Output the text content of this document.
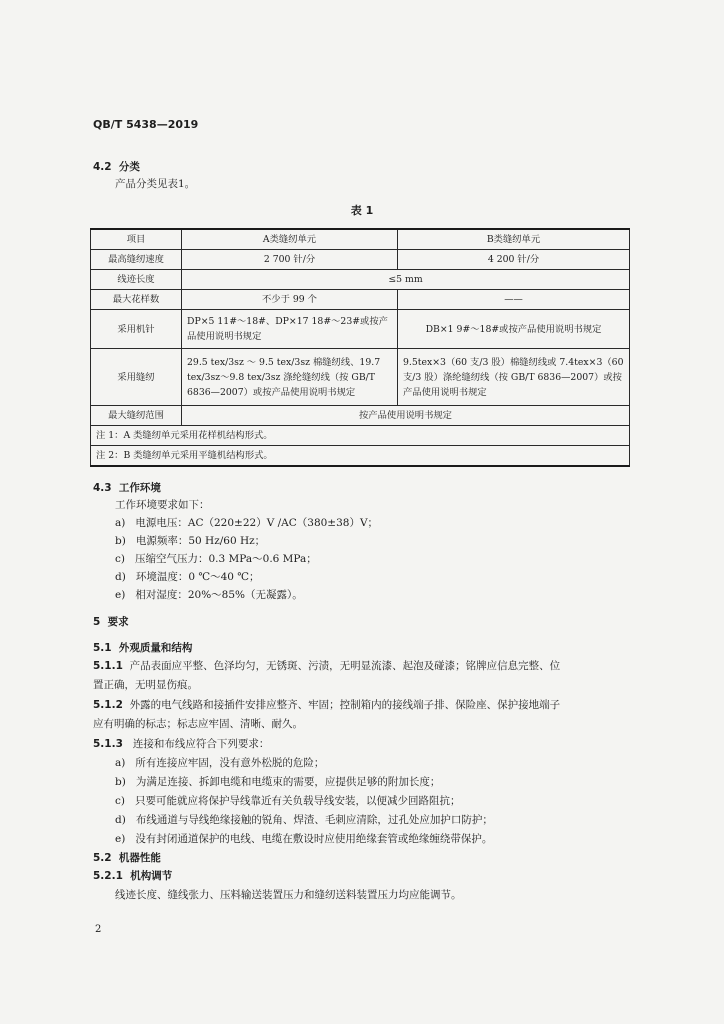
QB/T 5438—2019
4.2 分类
产品分类见表1。
表 1
项目	A类缝纫单元	B类缝纫单元
最高缝纫速度	2 700 针/分	4 200 针/分
线迹长度	≤5 mm	
最大花样数	不少于 99 个	——
采用机针	DP×5 11#～18#、DP×17 18#～23#或按产品使用说明书规定	DB×1 9#～18#或按产品使用说明书规定
采用缝纫	29.5 tex/3sz ～ 9.5 tex/3sz 棉缝纫线、19.7 tex/3sz～9.8 tex/3sz 涤纶缝纫线（按 GB/T 6836—2007）或按产品使用说明书规定	9.5tex×3（60 支/3 股）棉缝纫线或 7.4tex×3（60 支/3 股）涤纶缝纫线（按 GB/T 6836—2007）或按产品使用说明书规定
最大缝纫范围	按产品使用说明书规定	
注 1：A 类缝纫单元采用花样机结构形式。		
注 2：B 类缝纫单元采用平缝机结构形式。		
4.3 工作环境
工作环境要求如下：
a) 电源电压：AC（220±22）V /AC（380±38）V；
b) 电源频率：50 Hz/60 Hz；
c) 压缩空气压力：0.3 MPa～0.6 MPa；
d) 环境温度：0 ℃～40 ℃；
e) 相对湿度：20%～85%（无凝露）。
5 要求
5.1 外观质量和结构
5.1.1 产品表面应平整、色泽均匀，无锈斑、污渍，无明显流漆、起泡及碰漆；铭牌应信息完整、位
置正确，无明显伤痕。
5.1.2 外露的电气线路和接插件安排应整齐、牢固；控制箱内的接线端子排、保险座、保护接地端子
应有明确的标志；标志应牢固、清晰、耐久。
5.1.3 连接和布线应符合下列要求：
a) 所有连接应牢固，没有意外松脱的危险；
b) 为满足连接、拆卸电缆和电缆束的需要，应提供足够的附加长度；
c) 只要可能就应将保护导线靠近有关负载导线安装，以便减少回路阻抗；
d) 布线通道与导线绝缘接触的锐角、焊渣、毛刺应清除，过孔处应加护口防护；
e) 没有封闭通道保护的电线、电缆在敷设时应使用绝缘套管或绝缘缠绕带保护。
5.2 机器性能
5.2.1 机构调节
线迹长度、缝线张力、压料输送装置压力和缝纫送料装置压力均应能调节。
2
